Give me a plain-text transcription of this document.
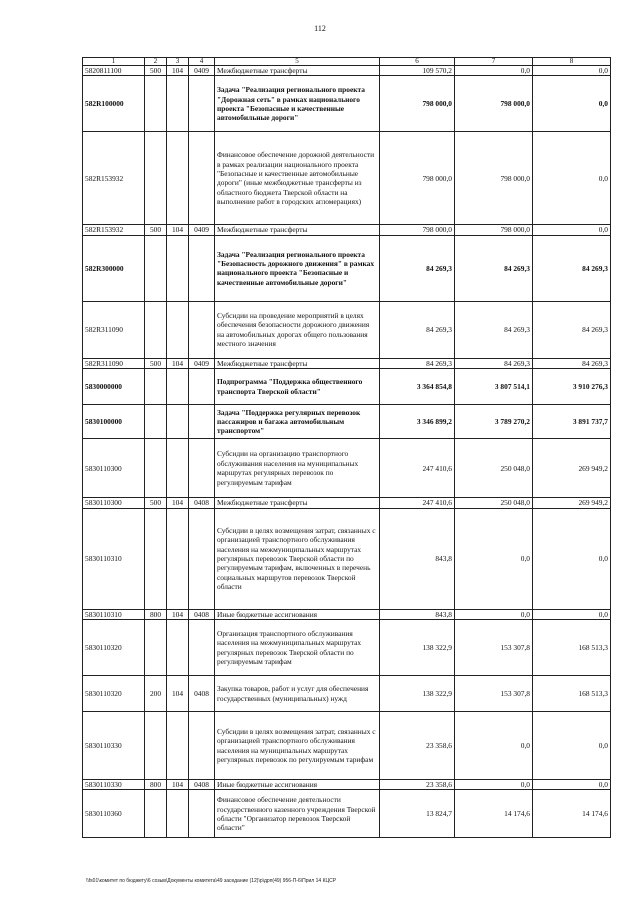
112
1	2	3	4	5	6	7	8
5820811100	500	104	0409	Межбюджетные трансферты	109 570,2	0,0	0,0
582R100000				Задача "Реализация регионального проекта "Дорожная сеть" в рамках национального проекта "Безопасные и качественные автомобильные дороги"	798 000,0	798 000,0	0,0
582R153932				Финансовое обеспечение дорожной деятельности в рамках реализации национального проекта "Безопасные и качественные автомобильные дороги" (иные межбюджетные трансферты из областного бюджета Тверской области на выполнение работ в городских агломерациях)	798 000,0	798 000,0	0,0
582R153932	500	104	0409	Межбюджетные трансферты	798 000,0	798 000,0	0,0
582R300000				Задача "Реализация регионального проекта "Безопасность дорожного движения" в рамках национального проекта "Безопасные и качественные автомобильные дороги"	84 269,3	84 269,3	84 269,3
582R311090				Субсидии на проведение мероприятий в целях обеспечения безопасности дорожного движения на автомобильных дорогах общего пользования местного значения	84 269,3	84 269,3	84 269,3
582R311090	500	104	0409	Межбюджетные трансферты	84 269,3	84 269,3	84 269,3
5830000000				Подпрограмма "Поддержка общественного транспорта Тверской области"	3 364 854,8	3 807 514,1	3 910 276,3
5830100000				Задача "Поддержка регулярных перевозок пассажиров и багажа автомобильным транспортом"	3 346 899,2	3 789 270,2	3 891 737,7
5830110300				Субсидии на организацию транспортного обслуживания населения на муниципальных маршрутах регулярных перевозок по регулируемым тарифам	247 410,6	250 048,0	269 949,2
5830110300	500	104	0408	Межбюджетные трансферты	247 410,6	250 048,0	269 949,2
5830110310				Субсидии в целях возмещения затрат, связанных с организацией транспортного обслуживания населения на межмуниципальных маршрутах регулярных перевозок Тверской области по регулируемым тарифам, включенных в перечень социальных маршрутов перевозок Тверской области	843,8	0,0	0,0
5830110310	800	104	0408	Иные бюджетные ассигнования	843,8	0,0	0,0
5830110320				Организация транспортного обслуживания населения на межмуниципальных маршрутах регулярных перевозок Тверской области по регулируемым тарифам	138 322,9	153 307,8	168 513,3
5830110320	200	104	0408	Закупка товаров, работ и услуг для обеспечения государственных (муниципальных) нужд	138 322,9	153 307,8	168 513,3
5830110330				Субсидии в целях возмещения затрат, связанных с организацией транспортного обслуживания населения на муниципальных маршрутах регулярных перевозок по регулируемым тарифам	23 358,6	0,0	0,0
5830110330	800	104	0408	Иные бюджетные ассигнования	23 358,6	0,0	0,0
5830110360				Финансовое обеспечение деятельности государственного казенного учреждения Тверской области "Организатор перевозок Тверской области"	13 824,7	14 174,6	14 174,6
\\fs01\комитет по бюджету\6 созыв\Документы комитета\49 заседание (12)\р\дрп(49) 956-П-6\Прил 14 КЦСР
